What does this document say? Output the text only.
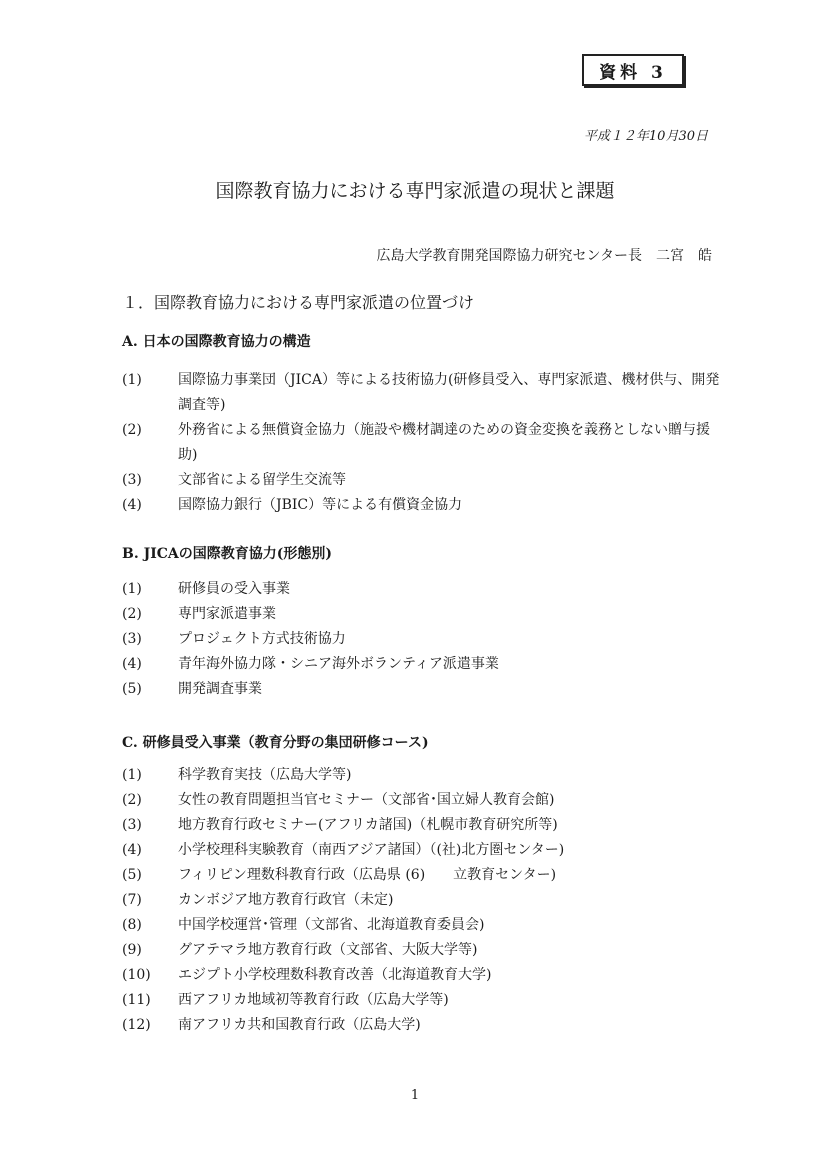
資料 3
平成１２年10月30日
国際教育協力における専門家派遣の現状と課題
広島大学教育開発国際協力研究センター長　二宮　皓
１．国際教育協力における専門家派遣の位置づけ
A. 日本の国際教育協力の構造
(1)	国際協力事業団（JICA）等による技術協力(研修員受入、専門家派遣、機材供与、開発調査等)
(2)	外務省による無償資金協力（施設や機材調達のための資金変換を義務としない贈与援助)
(3)	文部省による留学生交流等
(4)	国際協力銀行（JBIC）等による有償資金協力
B. JICAの国際教育協力(形態別)
(1)	研修員の受入事業
(2)	専門家派遣事業
(3)	プロジェクト方式技術協力
(4)	青年海外協力隊・シニア海外ボランティア派遣事業
(5)	開発調査事業
C. 研修員受入事業（教育分野の集団研修コース)
(1)	科学教育実技（広島大学等)
(2)	女性の教育問題担当官セミナー（文部省･国立婦人教育会館)
(3)	地方教育行政セミナー(アフリカ諸国)（札幌市教育研究所等)
(4)	小学校理科実験教育（南西アジア諸国）（(社)北方圏センター)
(5)	フィリピン理数科教育行政（広島県 (6)　　立教育センター)
(7)	カンボジア地方教育行政官（未定)
(8)	中国学校運営･管理（文部省、北海道教育委員会)
(9)	グアテマラ地方教育行政（文部省、大阪大学等)
(10)	エジプト小学校理数科教育改善（北海道教育大学)
(11)	西アフリカ地域初等教育行政（広島大学等)
(12)	南アフリカ共和国教育行政（広島大学)
1
